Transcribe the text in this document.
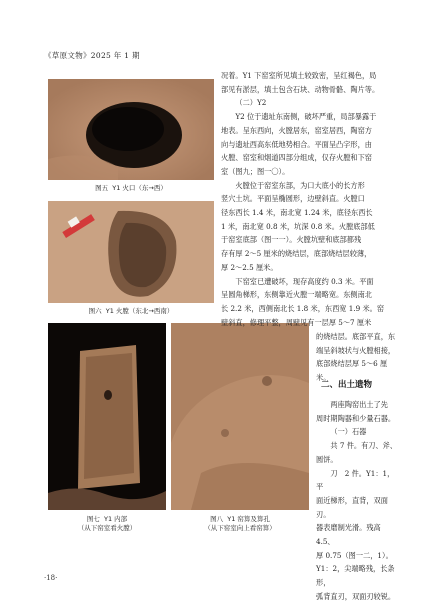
《草原文物》2025 年 1 期
图五 Y1 火口（东→西）
图六 Y1 火膛（东北→西南）
图七 Y1 内部
（从下窑室看火膛）
图八 Y1 窑箅及箅孔
（从下窑室向上看窑箅）

况着。Y1 下窑室所见填土较致密，呈红褐色，局

部见有淤层，填土包含石块、动物骨骼、陶片等。

（二）Y2

Y2 位于遗址东南侧，破坏严重，局部暴露于

地表。呈东西向，火膛居东，窑室居西，陶窑方

向与遗址西高东低地势相合。平面呈凸字形，由

火膛、窑室和烟道四部分组成，仅存火膛和下窑

室（图九；图一〇）。

火膛位于窑室东部，为口大底小的长方形

竖穴土坑。平面呈椭圆形，边壁斜直。火膛口

径东西长 1.4 米，南北宽 1.24 米，底径东西长

1 米，南北宽 0.8 米，坑深 0.8 米。火膛底部低

于窑室底部（图一一）。火膛坑壁和底部都残

存有厚 2～5 厘米的烧结层，底部烧结层较薄，

厚 2～2.5 厘米。

下窑室已遭破坏，现存高度约 0.3 米。平面

呈圆角梯形，东侧靠近火膛一端略宽。东侧南北

长 2.2 米，西侧南北长 1.8 米，东西宽 1.9 米。窑

壁斜直，修理平整，周壁见有一层厚 5～7 厘米

的烧结层。底部平直，东

端呈斜坡状与火膛相接，

底部烧结层厚 5～6 厘米。

二、出土遗物

两座陶窑出土了先

周时期陶器和少量石器。

（一）石器

共 7 件。有刀、斧、

圆饼。

刀　2 件。Y1：1，平

面近梯形，直背，双面刃。

器表磨制光滑。残高 4.5、

厚 0.75（图一二，1）。

Y1：2，尖端略残，长条形，

弧背直刃，双面刃较锐。

·18·
